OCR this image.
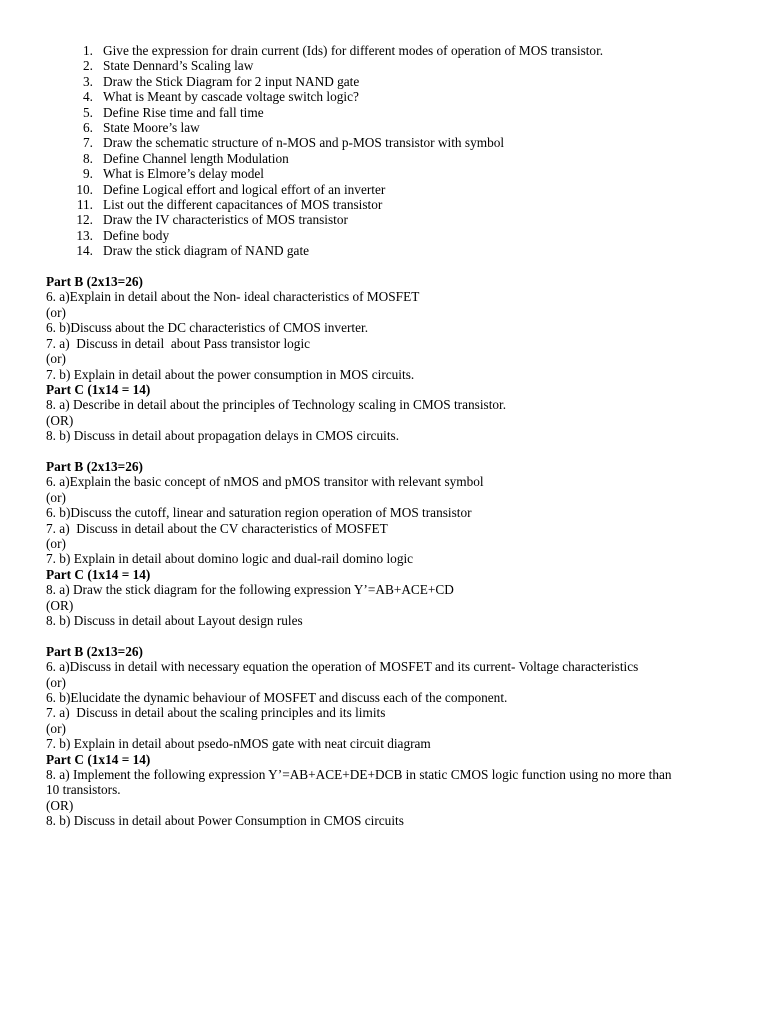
1 . Give the expression for drain current (Ids) for different modes of operation of MOS transistor.
2 . State Dennard’s Scaling law
3 . Draw the Stick Diagram for 2 input NAND gate
4 . What is Meant by cascade voltage switch logic?
5 . Define Rise time and fall time
6 . State Moore’s law
7 . Draw the schematic structure of n-MOS and p-MOS transistor with symbol
8 . Define Channel length Modulation
9 . What is Elmore’s delay model
10 . Define Logical effort and logical effort of an inverter
11 . List out the different capacitances of MOS transistor
12 . Draw the IV characteristics of MOS transistor
13 . Define body
14 . Draw the stick diagram of NAND gate
Part B (2x13=26)
6. a)Explain in detail about the Non- ideal characteristics of MOSFET
(or)
6. b)Discuss about the DC characteristics of CMOS inverter.
7. a)  Discuss in detail  about Pass transistor logic
(or)
7. b) Explain in detail about the power consumption in MOS circuits.
Part C (1x14 = 14)
8. a) Describe in detail about the principles of Technology scaling in CMOS transistor.
(OR)
8. b) Discuss in detail about propagation delays in CMOS circuits.
Part B (2x13=26)
6. a)Explain the basic concept of nMOS and pMOS transitor with relevant symbol
(or)
6. b)Discuss the cutoff, linear and saturation region operation of MOS transistor
7. a)  Discuss in detail about the CV characteristics of MOSFET
(or)
7. b) Explain in detail about domino logic and dual-rail domino logic
Part C (1x14 = 14)
8. a) Draw the stick diagram for the following expression Y’=AB+ACE+CD
(OR)
8. b) Discuss in detail about Layout design rules
Part B (2x13=26)
6. a)Discuss in detail with necessary equation the operation of MOSFET and its current- Voltage characteristics
(or)
6. b)Elucidate the dynamic behaviour of MOSFET and discuss each of the component.
7. a)  Discuss in detail about the scaling principles and its limits
(or)
7. b) Explain in detail about psedo-nMOS gate with neat circuit diagram
Part C (1x14 = 14)
8. a) Implement the following expression Y’=AB+ACE+DE+DCB in static CMOS logic function using no more than
10 transistors.
(OR)
8. b) Discuss in detail about Power Consumption in CMOS circuits
